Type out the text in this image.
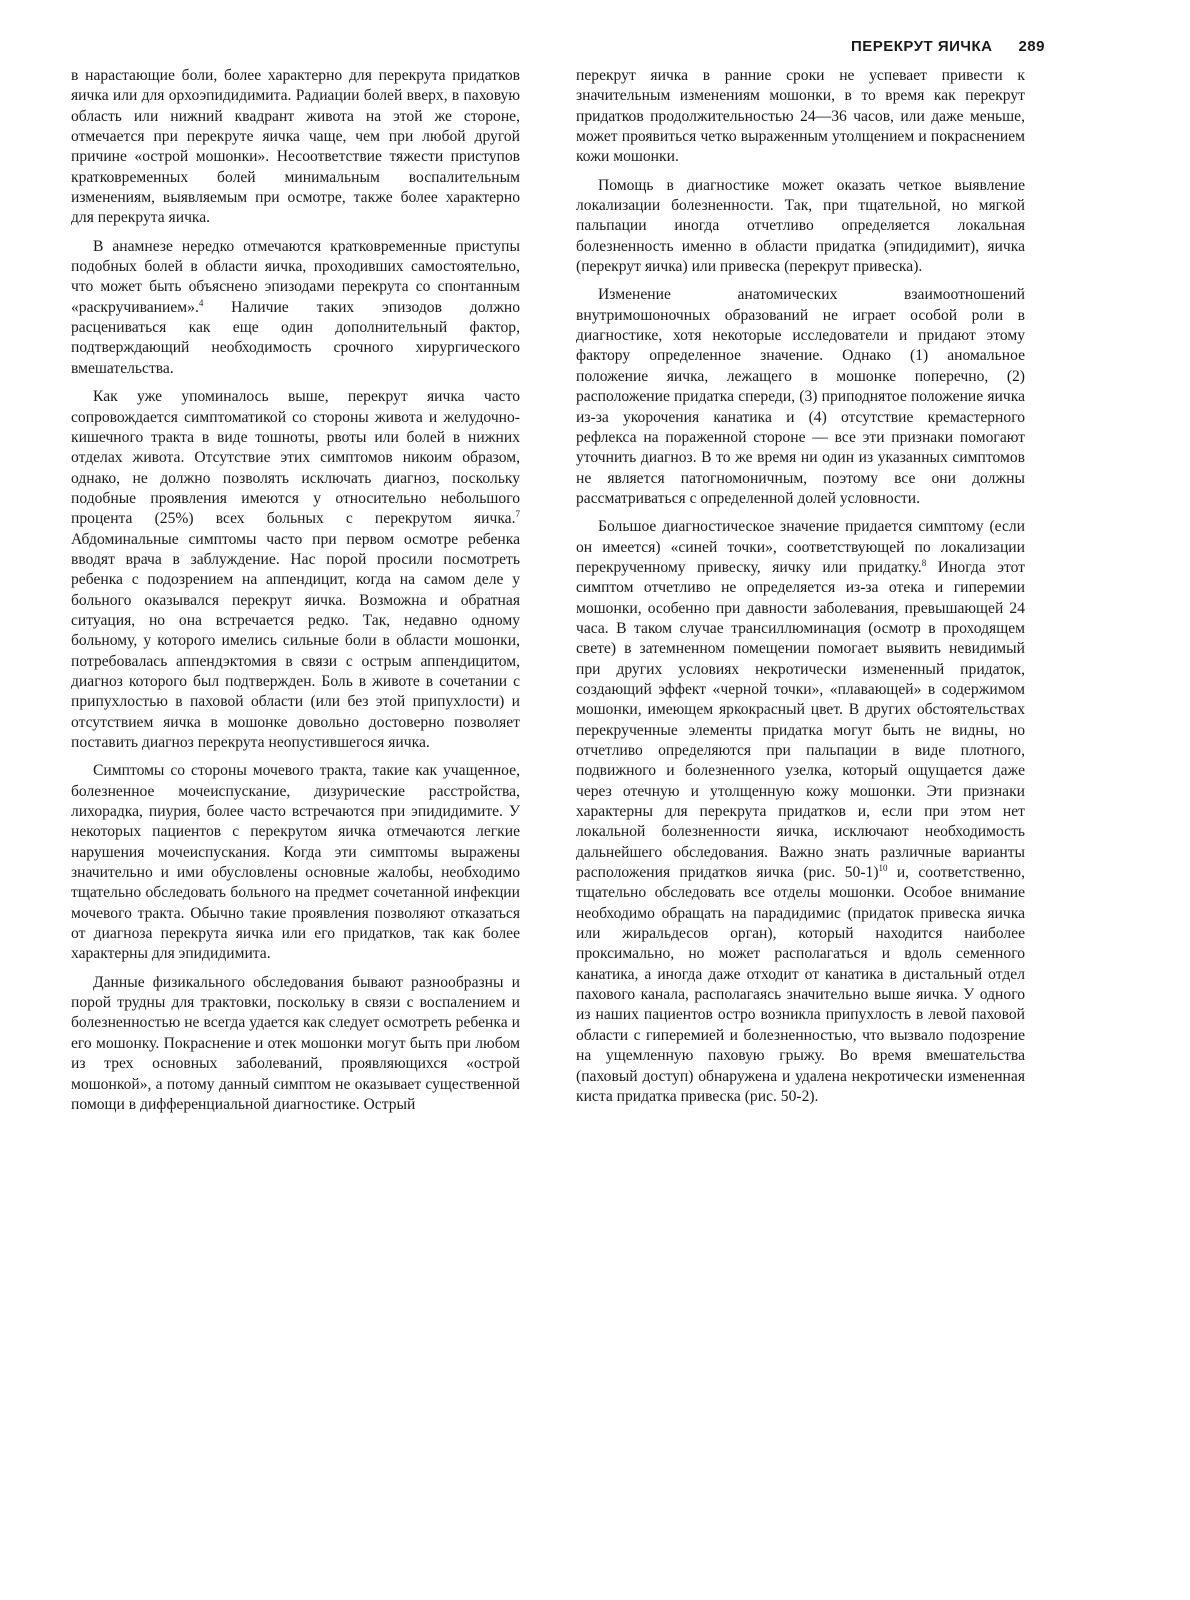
ПЕРЕКРУТ ЯИЧКА 289

в нарастающие боли, более характерно для перекрута придатков яичка или для орхоэпидидимита. Радиации болей вверх, в паховую область или нижний квадрант живота на этой же стороне, отмечается при перекруте яичка чаще, чем при любой другой причине «острой мошонки». Несоответствие тяжести приступов кратковременных болей минимальным воспалительным изменениям, выявляемым при осмотре, также более характерно для перекрута яичка.

В анамнезе нередко отмечаются кратковременные приступы подобных болей в области яичка, проходивших самостоятельно, что может быть объяснено эпизодами перекрута со спонтанным «раскручиванием».$^4$ Наличие таких эпизодов должно расцениваться как еще один дополнительный фактор, подтверждающий необходимость срочного хирургического вмешательства.

Как уже упоминалось выше, перекрут яичка часто сопровождается симптоматикой со стороны живота и желудочно-кишечного тракта в виде тошноты, рвоты или болей в нижних отделах живота. Отсутствие этих симптомов никоим образом, однако, не должно позволять исключать диагноз, поскольку подобные проявления имеются у относительно небольшого процента (25%) всех больных с перекрутом яичка.$^7$ Абдоминальные симптомы часто при первом осмотре ребенка вводят врача в заблуждение. Нас порой просили посмотреть ребенка с подозрением на аппендицит, когда на самом деле у больного оказывался перекрут яичка. Возможна и обратная ситуация, но она встречается редко. Так, недавно одному больному, у которого имелись сильные боли в области мошонки, потребовалась аппендэктомия в связи с острым аппендицитом, диагноз которого был подтвержден. Боль в животе в сочетании с припухлостью в паховой области (или без этой припухлости) и отсутствием яичка в мошонке довольно достоверно позволяет поставить диагноз перекрута неопустившегося яичка.

Симптомы со стороны мочевого тракта, такие как учащенное, болезненное мочеиспускание, дизурические расстройства, лихорадка, пиурия, более часто встречаются при эпидидимите. У некоторых пациентов с перекрутом яичка отмечаются легкие нарушения мочеиспускания. Когда эти симптомы выражены значительно и ими обусловлены основные жалобы, необходимо тщательно обследовать больного на предмет сочетанной инфекции мочевого тракта. Обычно такие проявления позволяют отказаться от диагноза перекрута яичка или его придатков, так как более характерны для эпидидимита.

Данные физикального обследования бывают разнообразны и порой трудны для трактовки, поскольку в связи с воспалением и болезненностью не всегда удается как следует осмотреть ребенка и его мошонку. Покраснение и отек мошонки могут быть при любом из трех основных заболеваний, проявляющихся «острой мошонкой», а потому данный симптом не оказывает существенной помощи в дифференциальной диагностике. Острый

перекрут яичка в ранние сроки не успевает привести к значительным изменениям мошонки, в то время как перекрут придатков продолжительностью 24—36 часов, или даже меньше, может проявиться четко выраженным утолщением и покраснением кожи мошонки.

Помощь в диагностике может оказать четкое выявление локализации болезненности. Так, при тщательной, но мягкой пальпации иногда отчетливо определяется локальная болезненность именно в области придатка (эпидидимит), яичка (перекрут яичка) или привеска (перекрут привеска).

Изменение анатомических взаимоотношений внутримошоночных образований не играет особой роли в диагностике, хотя некоторые исследователи и придают этому фактору определенное значение. Однако (1) аномальное положение яичка, лежащего в мошонке поперечно, (2) расположение придатка спереди, (3) приподнятое положение яичка из-за укорочения канатика и (4) отсутствие кремастерного рефлекса на пораженной стороне — все эти признаки помогают уточнить диагноз. В то же время ни один из указанных симптомов не является патогномоничным, поэтому все они должны рассматриваться с определенной долей условности.

Большое диагностическое значение придается симптому (если он имеется) «синей точки», соответствующей по локализации перекрученному привеску, яичку или придатку.$^8$ Иногда этот симптом отчетливо не определяется из-за отека и гиперемии мошонки, особенно при давности заболевания, превышающей 24 часа. В таком случае трансиллюминация (осмотр в проходящем свете) в затемненном помещении помогает выявить невидимый при других условиях некротически измененный придаток, создающий эффект «черной точки», «плавающей» в содержимом мошонки, имеющем яркокрасный цвет. В других обстоятельствах перекрученные элементы придатка могут быть не видны, но отчетливо определяются при пальпации в виде плотного, подвижного и болезненного узелка, который ощущается даже через отечную и утолщенную кожу мошонки. Эти признаки характерны для перекрута придатков и, если при этом нет локальной болезненности яичка, исключают необходимость дальнейшего обследования. Важно знать различные варианты расположения придатков яичка (рис. 50-1)$^{10}$ и, соответственно, тщательно обследовать все отделы мошонки. Особое внимание необходимо обращать на парадидимис (придаток привеска яичка или жиральдесов орган), который находится наиболее проксимально, но может располагаться и вдоль семенного канатика, а иногда даже отходит от канатика в дистальный отдел пахового канала, располагаясь значительно выше яичка. У одного из наших пациентов остро возникла припухлость в левой паховой области с гиперемией и болезненностью, что вызвало подозрение на ущемленную паховую грыжу. Во время вмешательства (паховый доступ) обнаружена и удалена некротически измененная киста придатка привеска (рис. 50-2).
